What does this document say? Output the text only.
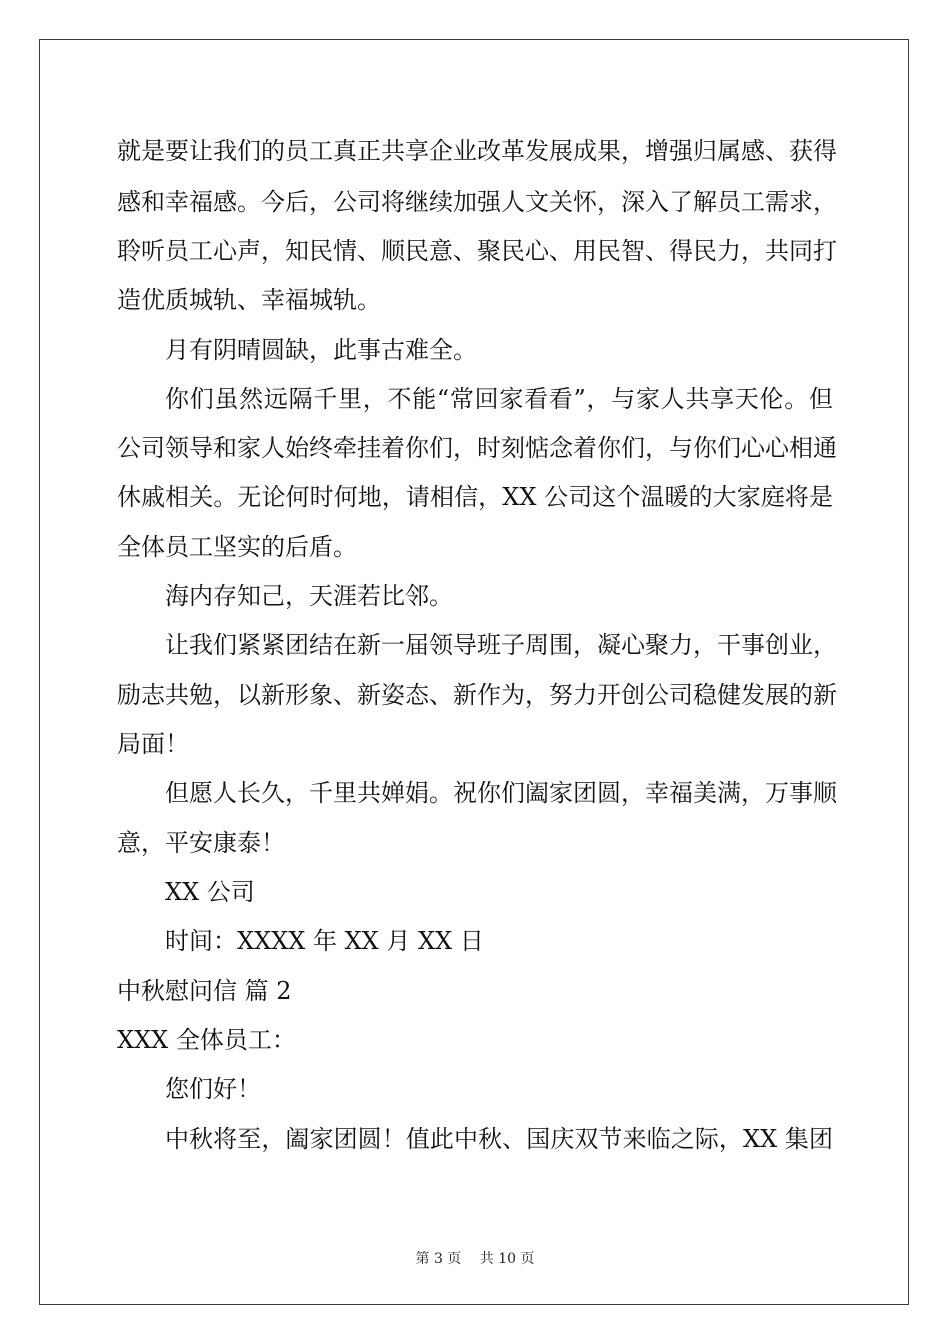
就是要让我们的员工真正共享企业改革发展成果，增强归属感、获得

感和幸福感。今后，公司将继续加强人文关怀，深入了解员工需求，

聆听员工心声，知民情、顺民意、聚民心、用民智、得民力，共同打

造优质城轨、幸福城轨。

月有阴晴圆缺，此事古难全。

你们虽然远隔千里，不能“常回家看看”，与家人共享天伦。但

公司领导和家人始终牵挂着你们，时刻惦念着你们，与你们心心相通

休戚相关。无论何时何地，请相信，XX 公司这个温暖的大家庭将是

全体员工坚实的后盾。

海内存知己，天涯若比邻。

让我们紧紧团结在新一届领导班子周围，凝心聚力，干事创业，

励志共勉，以新形象、新姿态、新作为，努力开创公司稳健发展的新

局面！

但愿人长久，千里共婵娟。祝你们阖家团圆，幸福美满，万事顺

意，平安康泰！

XX 公司

时间：XXXX 年 XX 月 XX 日

中秋慰问信 篇 2

XXX 全体员工：

您们好！

中秋将至，阖家团圆！值此中秋、国庆双节来临之际，XX 集团

第 3 页 共 10 页
